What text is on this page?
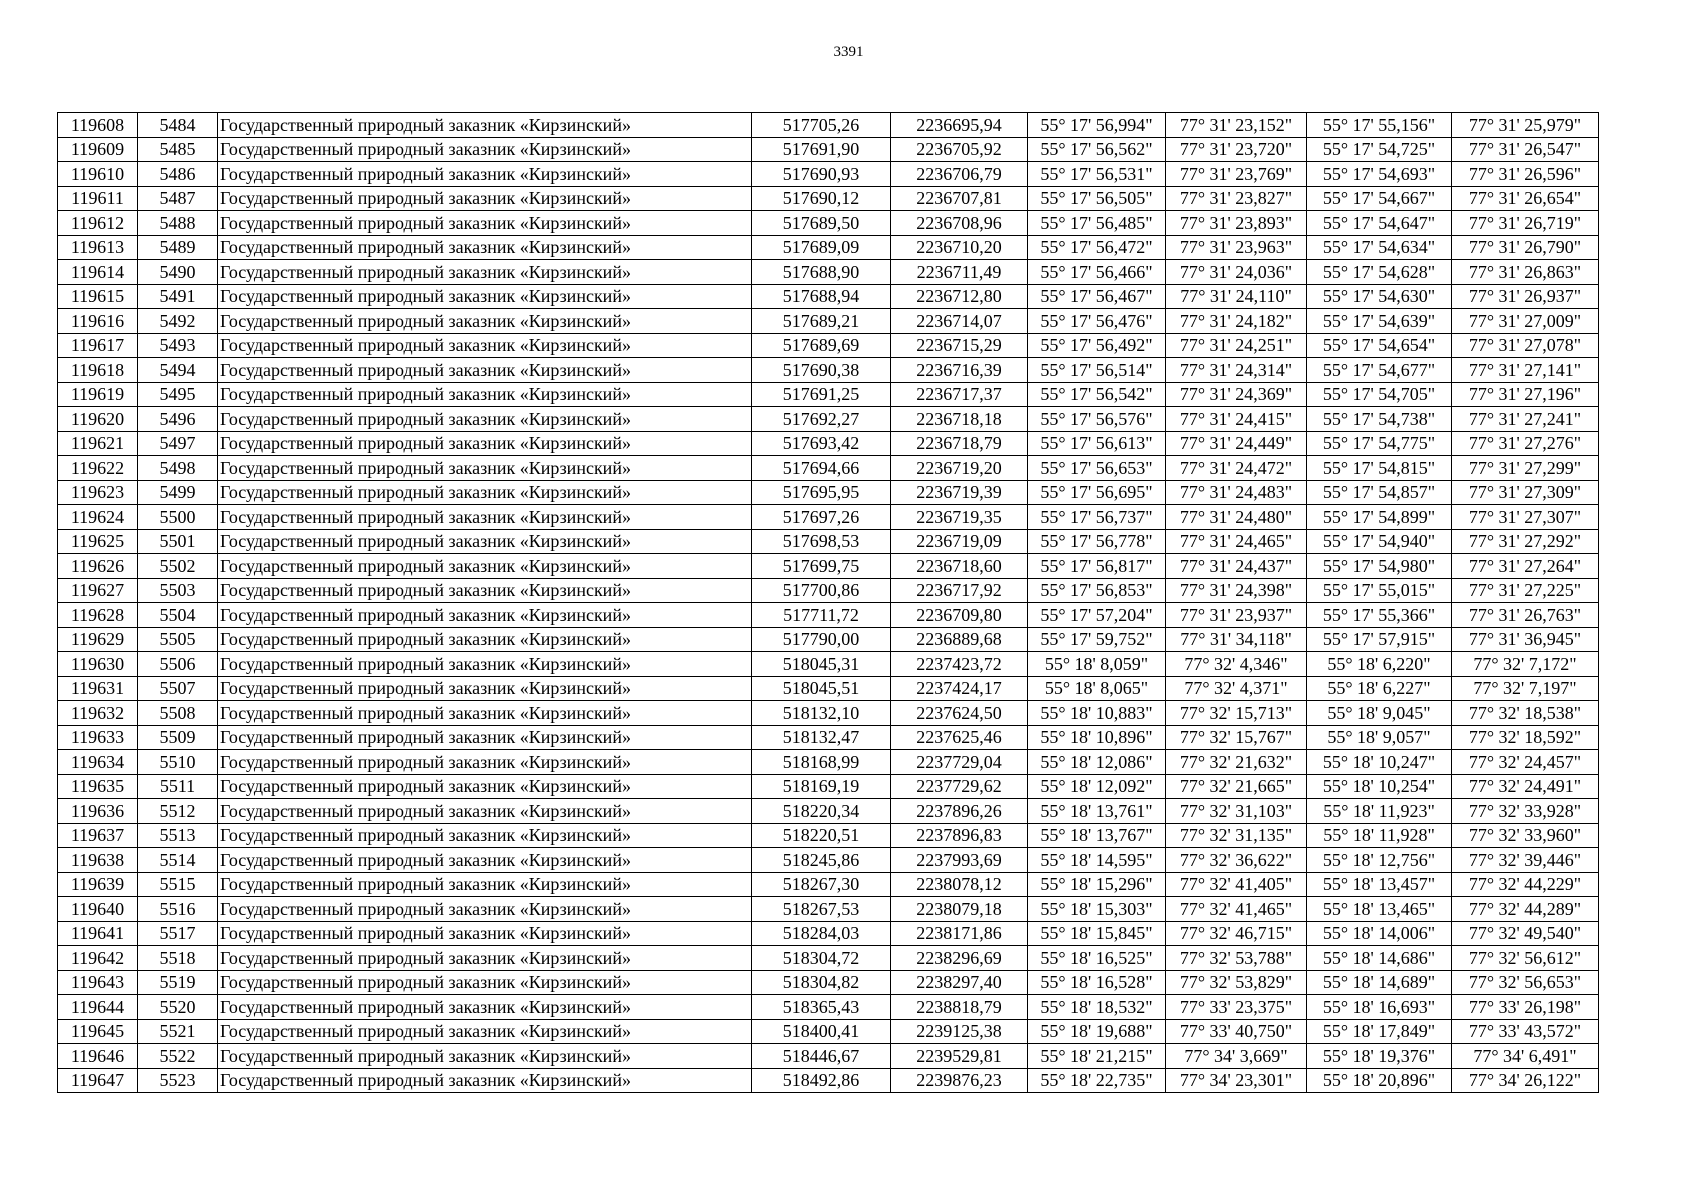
3391
119608	5484	Государственный природный заказник «Кирзинский»	517705,26	2236695,94	55° 17' 56,994"	77° 31' 23,152"	55° 17' 55,156"	77° 31' 25,979"
119609	5485	Государственный природный заказник «Кирзинский»	517691,90	2236705,92	55° 17' 56,562"	77° 31' 23,720"	55° 17' 54,725"	77° 31' 26,547"
119610	5486	Государственный природный заказник «Кирзинский»	517690,93	2236706,79	55° 17' 56,531"	77° 31' 23,769"	55° 17' 54,693"	77° 31' 26,596"
119611	5487	Государственный природный заказник «Кирзинский»	517690,12	2236707,81	55° 17' 56,505"	77° 31' 23,827"	55° 17' 54,667"	77° 31' 26,654"
119612	5488	Государственный природный заказник «Кирзинский»	517689,50	2236708,96	55° 17' 56,485"	77° 31' 23,893"	55° 17' 54,647"	77° 31' 26,719"
119613	5489	Государственный природный заказник «Кирзинский»	517689,09	2236710,20	55° 17' 56,472"	77° 31' 23,963"	55° 17' 54,634"	77° 31' 26,790"
119614	5490	Государственный природный заказник «Кирзинский»	517688,90	2236711,49	55° 17' 56,466"	77° 31' 24,036"	55° 17' 54,628"	77° 31' 26,863"
119615	5491	Государственный природный заказник «Кирзинский»	517688,94	2236712,80	55° 17' 56,467"	77° 31' 24,110"	55° 17' 54,630"	77° 31' 26,937"
119616	5492	Государственный природный заказник «Кирзинский»	517689,21	2236714,07	55° 17' 56,476"	77° 31' 24,182"	55° 17' 54,639"	77° 31' 27,009"
119617	5493	Государственный природный заказник «Кирзинский»	517689,69	2236715,29	55° 17' 56,492"	77° 31' 24,251"	55° 17' 54,654"	77° 31' 27,078"
119618	5494	Государственный природный заказник «Кирзинский»	517690,38	2236716,39	55° 17' 56,514"	77° 31' 24,314"	55° 17' 54,677"	77° 31' 27,141"
119619	5495	Государственный природный заказник «Кирзинский»	517691,25	2236717,37	55° 17' 56,542"	77° 31' 24,369"	55° 17' 54,705"	77° 31' 27,196"
119620	5496	Государственный природный заказник «Кирзинский»	517692,27	2236718,18	55° 17' 56,576"	77° 31' 24,415"	55° 17' 54,738"	77° 31' 27,241"
119621	5497	Государственный природный заказник «Кирзинский»	517693,42	2236718,79	55° 17' 56,613"	77° 31' 24,449"	55° 17' 54,775"	77° 31' 27,276"
119622	5498	Государственный природный заказник «Кирзинский»	517694,66	2236719,20	55° 17' 56,653"	77° 31' 24,472"	55° 17' 54,815"	77° 31' 27,299"
119623	5499	Государственный природный заказник «Кирзинский»	517695,95	2236719,39	55° 17' 56,695"	77° 31' 24,483"	55° 17' 54,857"	77° 31' 27,309"
119624	5500	Государственный природный заказник «Кирзинский»	517697,26	2236719,35	55° 17' 56,737"	77° 31' 24,480"	55° 17' 54,899"	77° 31' 27,307"
119625	5501	Государственный природный заказник «Кирзинский»	517698,53	2236719,09	55° 17' 56,778"	77° 31' 24,465"	55° 17' 54,940"	77° 31' 27,292"
119626	5502	Государственный природный заказник «Кирзинский»	517699,75	2236718,60	55° 17' 56,817"	77° 31' 24,437"	55° 17' 54,980"	77° 31' 27,264"
119627	5503	Государственный природный заказник «Кирзинский»	517700,86	2236717,92	55° 17' 56,853"	77° 31' 24,398"	55° 17' 55,015"	77° 31' 27,225"
119628	5504	Государственный природный заказник «Кирзинский»	517711,72	2236709,80	55° 17' 57,204"	77° 31' 23,937"	55° 17' 55,366"	77° 31' 26,763"
119629	5505	Государственный природный заказник «Кирзинский»	517790,00	2236889,68	55° 17' 59,752"	77° 31' 34,118"	55° 17' 57,915"	77° 31' 36,945"
119630	5506	Государственный природный заказник «Кирзинский»	518045,31	2237423,72	55° 18' 8,059"	77° 32' 4,346"	55° 18' 6,220"	77° 32' 7,172"
119631	5507	Государственный природный заказник «Кирзинский»	518045,51	2237424,17	55° 18' 8,065"	77° 32' 4,371"	55° 18' 6,227"	77° 32' 7,197"
119632	5508	Государственный природный заказник «Кирзинский»	518132,10	2237624,50	55° 18' 10,883"	77° 32' 15,713"	55° 18' 9,045"	77° 32' 18,538"
119633	5509	Государственный природный заказник «Кирзинский»	518132,47	2237625,46	55° 18' 10,896"	77° 32' 15,767"	55° 18' 9,057"	77° 32' 18,592"
119634	5510	Государственный природный заказник «Кирзинский»	518168,99	2237729,04	55° 18' 12,086"	77° 32' 21,632"	55° 18' 10,247"	77° 32' 24,457"
119635	5511	Государственный природный заказник «Кирзинский»	518169,19	2237729,62	55° 18' 12,092"	77° 32' 21,665"	55° 18' 10,254"	77° 32' 24,491"
119636	5512	Государственный природный заказник «Кирзинский»	518220,34	2237896,26	55° 18' 13,761"	77° 32' 31,103"	55° 18' 11,923"	77° 32' 33,928"
119637	5513	Государственный природный заказник «Кирзинский»	518220,51	2237896,83	55° 18' 13,767"	77° 32' 31,135"	55° 18' 11,928"	77° 32' 33,960"
119638	5514	Государственный природный заказник «Кирзинский»	518245,86	2237993,69	55° 18' 14,595"	77° 32' 36,622"	55° 18' 12,756"	77° 32' 39,446"
119639	5515	Государственный природный заказник «Кирзинский»	518267,30	2238078,12	55° 18' 15,296"	77° 32' 41,405"	55° 18' 13,457"	77° 32' 44,229"
119640	5516	Государственный природный заказник «Кирзинский»	518267,53	2238079,18	55° 18' 15,303"	77° 32' 41,465"	55° 18' 13,465"	77° 32' 44,289"
119641	5517	Государственный природный заказник «Кирзинский»	518284,03	2238171,86	55° 18' 15,845"	77° 32' 46,715"	55° 18' 14,006"	77° 32' 49,540"
119642	5518	Государственный природный заказник «Кирзинский»	518304,72	2238296,69	55° 18' 16,525"	77° 32' 53,788"	55° 18' 14,686"	77° 32' 56,612"
119643	5519	Государственный природный заказник «Кирзинский»	518304,82	2238297,40	55° 18' 16,528"	77° 32' 53,829"	55° 18' 14,689"	77° 32' 56,653"
119644	5520	Государственный природный заказник «Кирзинский»	518365,43	2238818,79	55° 18' 18,532"	77° 33' 23,375"	55° 18' 16,693"	77° 33' 26,198"
119645	5521	Государственный природный заказник «Кирзинский»	518400,41	2239125,38	55° 18' 19,688"	77° 33' 40,750"	55° 18' 17,849"	77° 33' 43,572"
119646	5522	Государственный природный заказник «Кирзинский»	518446,67	2239529,81	55° 18' 21,215"	77° 34' 3,669"	55° 18' 19,376"	77° 34' 6,491"
119647	5523	Государственный природный заказник «Кирзинский»	518492,86	2239876,23	55° 18' 22,735"	77° 34' 23,301"	55° 18' 20,896"	77° 34' 26,122"
